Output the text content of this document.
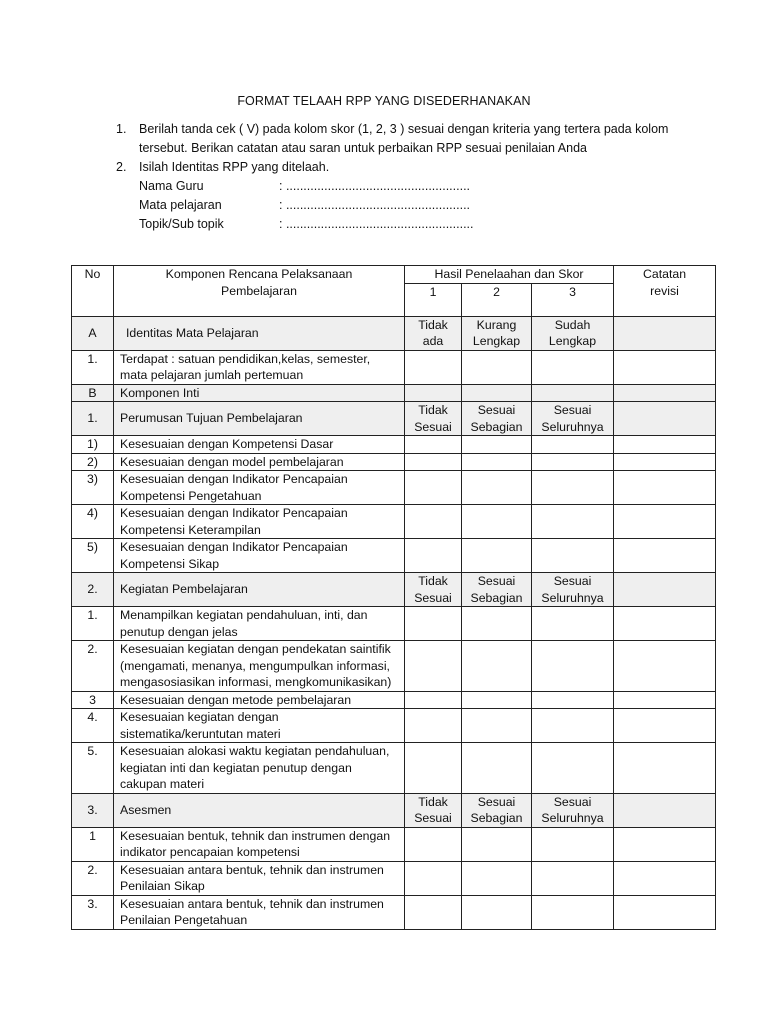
FORMAT TELAAH RPP YANG DISEDERHANAKAN
1.	Berilah tanda cek ( V) pada kolom skor (1, 2, 3 ) sesuai dengan kriteria yang tertera pada kolom tersebut. Berikan catatan atau saran untuk perbaikan RPP sesuai penilaian Anda
2.	Isilah Identitas RPP yang ditelaah.
Nama Guru	: .....................................................
Mata pelajaran	: .....................................................
Topik/Sub topik	: ......................................................
No	Komponen Rencana Pelaksanaan Pembelajaran	Hasil Penelaahan dan Skor			Catatan revisi
		1	2	3	
A	Identitas Mata Pelajaran	Tidak ada	Kurang Lengkap	Sudah Lengkap	
1.	Terdapat : satuan pendidikan,kelas, semester, mata pelajaran jumlah pertemuan				
B	Komponen Inti				
1.	Perumusan Tujuan Pembelajaran	Tidak Sesuai	Sesuai Sebagian	Sesuai Seluruhnya	
1)	Kesesuaian dengan Kompetensi Dasar				
2)	Kesesuaian dengan model pembelajaran				
3)	Kesesuaian dengan Indikator Pencapaian Kompetensi Pengetahuan				
4)	Kesesuaian dengan Indikator Pencapaian Kompetensi Keterampilan				
5)	Kesesuaian dengan Indikator Pencapaian Kompetensi Sikap				
2.	Kegiatan Pembelajaran	Tidak Sesuai	Sesuai Sebagian	Sesuai Seluruhnya	
1.	Menampilkan kegiatan pendahuluan, inti, dan penutup dengan jelas				
2.	Kesesuaian kegiatan dengan pendekatan saintifik (mengamati, menanya, mengumpulkan informasi, mengasosiasikan informasi, mengkomunikasikan)				
3	Kesesuaian dengan metode pembelajaran				
4.	Kesesuaian kegiatan dengan sistematika/keruntutan materi				
5.	Kesesuaian alokasi waktu kegiatan pendahuluan, kegiatan inti dan kegiatan penutup dengan cakupan materi				
3.	Asesmen	Tidak Sesuai	Sesuai Sebagian	Sesuai Seluruhnya	
1	Kesesuaian bentuk, tehnik dan instrumen dengan indikator pencapaian kompetensi				
2.	Kesesuaian antara bentuk, tehnik dan instrumen Penilaian Sikap				
3.	Kesesuaian antara bentuk, tehnik dan instrumen Penilaian Pengetahuan				
